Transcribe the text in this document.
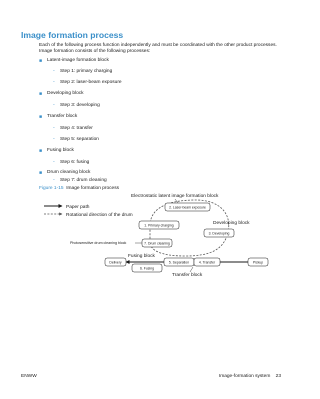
Image formation process
Each of the following process function independently and must be coordinated with the other product processes. Image formation consists of the following processes:
■ Latent-image formation block
◦ Step 1: primary charging
◦ Step 2: laser-beam exposure
■ Developing block
◦ Step 3: developing
■ Transfer block
◦ Step 4: transfer
◦ Step 5: separation
■ Fusing block
◦ Step 6: fusing
■ Drum cleaning block
Figure 1-15 Image formation process
Paper path
Rotational direction of the drum
Electrostatic latent image formation block
2. Laser-beam exposure
1. Primary charging	Developing block
3. Developing
Photosensitive drum cleaning block	7. Drum cleaning
Delivery
Fusing block
6. Fusing
5. Separation	4. Transfer	Pickup
Transfer block
ENWW	Image-formation system 23
◦ Step 7: drum cleaning
